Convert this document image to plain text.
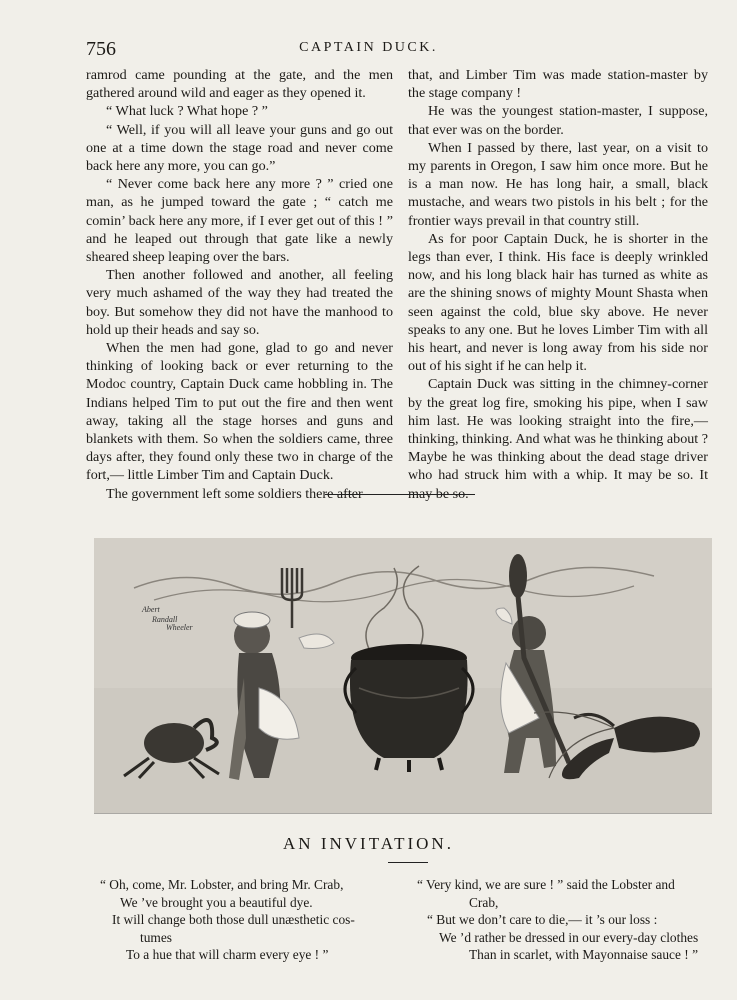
756	CAPTAIN DUCK.

ramrod came pounding at the gate, and the men gathered around wild and eager as they opened it.

“ What luck ? What hope ? ”

“ Well, if you will all leave your guns and go out one at a time down the stage road and never come back here any more, you can go.”

“ Never come back here any more ? ” cried one man, as he jumped toward the gate ; “ catch me comin’ back here any more, if I ever get out of this ! ” and he leaped out through that gate like a newly sheared sheep leaping over the bars.

Then another followed and another, all feeling very much ashamed of the way they had treated the boy. But somehow they did not have the manhood to hold up their heads and say so.

When the men had gone, glad to go and never thinking of looking back or ever returning to the Modoc country, Captain Duck came hobbling in. The Indians helped Tim to put out the fire and then went away, taking all the stage horses and guns and blankets with them. So when the soldiers came, three days after, they found only these two in charge of the fort,— little Limber Tim and Captain Duck.

The government left some soldiers there after

that, and Limber Tim was made station-master by the stage company !

He was the youngest station-master, I suppose, that ever was on the border.

When I passed by there, last year, on a visit to my parents in Oregon, I saw him once more. But he is a man now. He has long hair, a small, black mustache, and wears two pistols in his belt ; for the frontier ways prevail in that country still.

As for poor Captain Duck, he is shorter in the legs than ever, I think. His face is deeply wrinkled now, and his long black hair has turned as white as are the shining snows of mighty Mount Shasta when seen against the cold, blue sky above. He never speaks to any one. But he loves Limber Tim with all his heart, and never is long away from his side nor out of his sight if he can help it.

Captain Duck was sitting in the chimney-corner by the great log fire, smoking his pipe, when I saw him last. He was looking straight into the fire,— thinking, thinking. And what was he thinking about ? Maybe he was thinking about the dead stage driver who had struck him with a whip. It may be so. It may be so.

Abert
Randall
Wheeler
AN INVITATION.
“ Oh, come, Mr. Lobster, and bring Mr. Crab,
We ’ve brought you a beautiful dye.
It will change both those dull unæsthetic cos-
tumes
To a hue that will charm every eye ! ”
“ Very kind, we are sure ! ” said the Lobster and
Crab,
“ But we don’t care to die,— it ’s our loss :
We ’d rather be dressed in our every-day clothes
Than in scarlet, with Mayonnaise sauce ! ”
